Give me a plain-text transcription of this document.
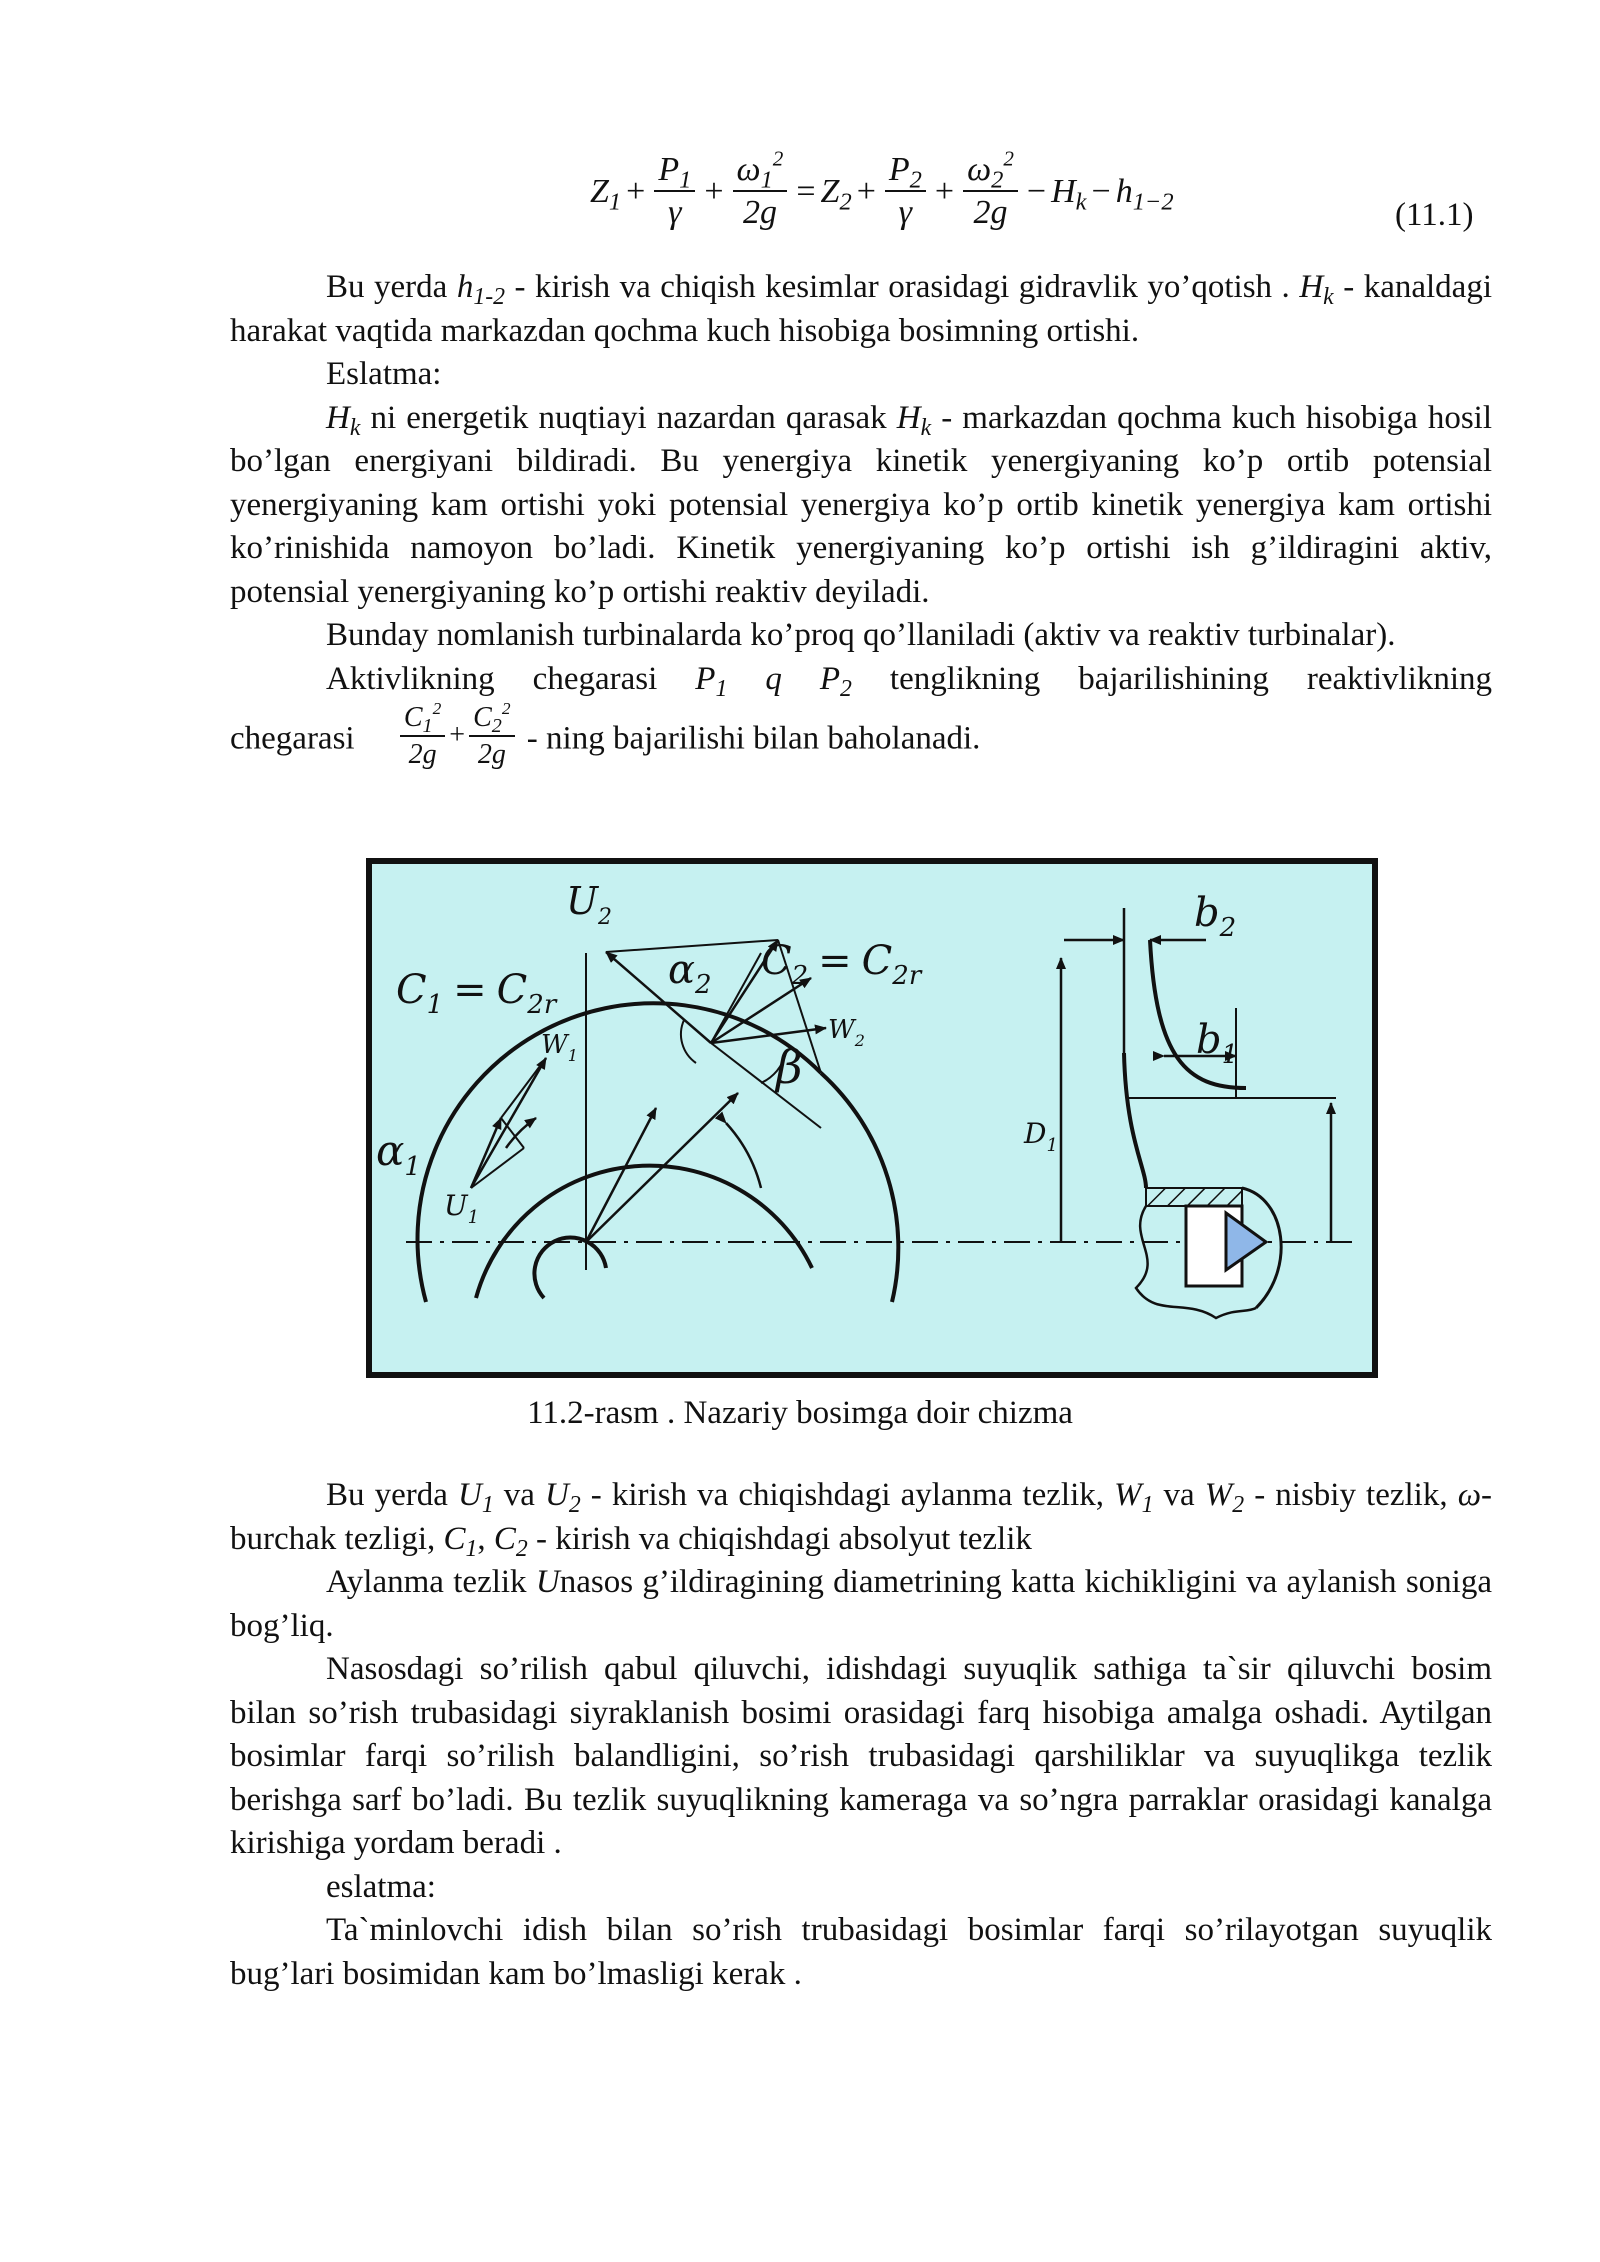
$Z_1 + \frac{P_1}{\gamma} + \frac{\omega_1^2}{2g} = Z_2 + \frac{P_2}{\gamma} + \frac{\omega_2^2}{2g} - H_k - h_{1-2}$	(11.1)

Bu yerda $h_{1-2}$ - kirish va chiqish kesimlar orasidagi gidravlik yo’qotish . $H_k$ - kanaldagi harakat vaqtida markazdan qochma kuch hisobiga bosimning ortishi.

Eslatma:

$H_k$ ni energetik nuqtiayi nazardan qarasak $H_k$ - markazdan qochma kuch hisobiga hosil bo’lgan energiyani bildiradi. Bu yenergiya kinetik yenergiyaning ko’p ortib potensial yenergiyaning kam ortishi yoki potensial yenergiya ko’p ortib kinetik yenergiya kam ortishi ko’rinishida namoyon bo’ladi. Kinetik yenergiyaning ko’p ortishi ish g’ildiragini aktiv, potensial yenergiyaning ko’p ortishi reaktiv deyiladi.

Bunday nomlanish turbinalarda ko’proq qo’llaniladi (aktiv va reaktiv turbinalar).

Aktivlikning chegarasi $P_1$ q $P_2$ tenglikning bajarilishining reaktivlikning

chegarasi $\frac{C_1^2}{2g} + \frac{C_2^2}{2g}$ - ning bajarilishi bilan baholanadi.
$U_2$
$\alpha_2$
$C_2 = C_{2r}$
$C_1 = C_{2r}$
$W_1$
$W_2$
β
$\alpha_1$
$U_1$
$D_1$
$b_2$
$b_1$
11.2-rasm . Nazariy bosimga doir chizma

Bu yerda $U_1$ va $U_2$ - kirish va chiqishdagi aylanma tezlik, $W_1$ va $W_2$ - nisbiy tezlik, ω-burchak tezligi, $C_1$, $C_2$ - kirish va chiqishdagi absolyut tezlik

Aylanma tezlik Unasos g’ildiragining diametrining katta kichikligini va aylanish soniga bog’liq.

Nasosdagi so’rilish qabul qiluvchi, idishdagi suyuqlik sathiga ta`sir qiluvchi bosim bilan so’rish trubasidagi siyraklanish bosimi orasidagi farq hisobiga amalga oshadi. Aytilgan bosimlar farqi so’rilish balandligini, so’rish trubasidagi qarshiliklar va suyuqlikga tezlik berishga sarf bo’ladi. Bu tezlik suyuqlikning kameraga va so’ngra parraklar orasidagi kanalga kirishiga yordam beradi .

eslatma:

Ta`minlovchi idish bilan so’rish trubasidagi bosimlar farqi so’rilayotgan suyuqlik bug’lari bosimidan kam bo’lmasligi kerak .
